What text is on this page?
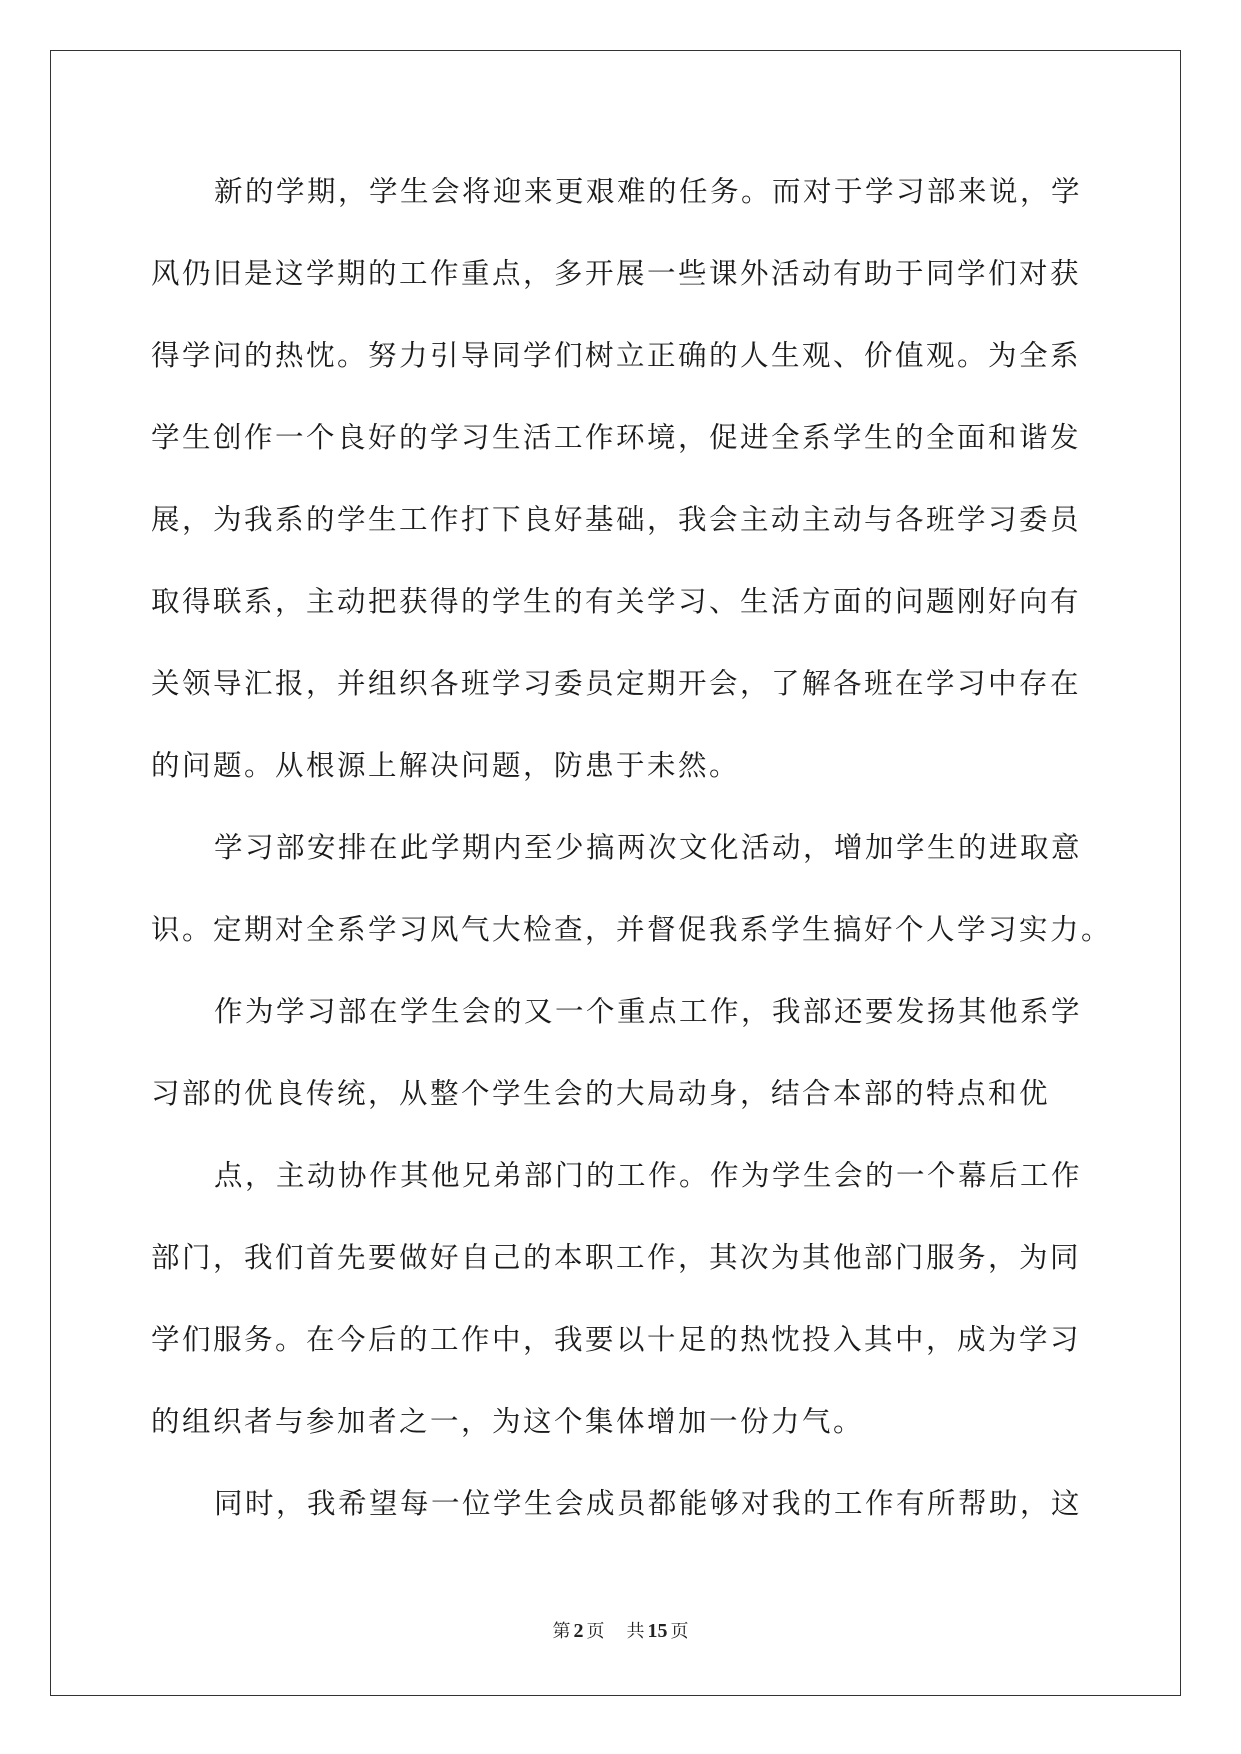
新的学期，学生会将迎来更艰难的任务。而对于学习部来说，学
风仍旧是这学期的工作重点，多开展一些课外活动有助于同学们对获
得学问的热忱。努力引导同学们树立正确的人生观、价值观。为全系
学生创作一个良好的学习生活工作环境，促进全系学生的全面和谐发
展，为我系的学生工作打下良好基础，我会主动主动与各班学习委员
取得联系，主动把获得的学生的有关学习、生活方面的问题刚好向有
关领导汇报，并组织各班学习委员定期开会，了解各班在学习中存在
的问题。从根源上解决问题，防患于未然。
学习部安排在此学期内至少搞两次文化活动，增加学生的进取意
识。定期对全系学习风气大检查，并督促我系学生搞好个人学习实力。
作为学习部在学生会的又一个重点工作，我部还要发扬其他系学
习部的优良传统，从整个学生会的大局动身，结合本部的特点和优
点，主动协作其他兄弟部门的工作。作为学生会的一个幕后工作
部门，我们首先要做好自己的本职工作，其次为其他部门服务，为同
学们服务。在今后的工作中，我要以十足的热忱投入其中，成为学习
的组织者与参加者之一，为这个集体增加一份力气。
同时，我希望每一位学生会成员都能够对我的工作有所帮助，这
第 2 页 共 15 页
